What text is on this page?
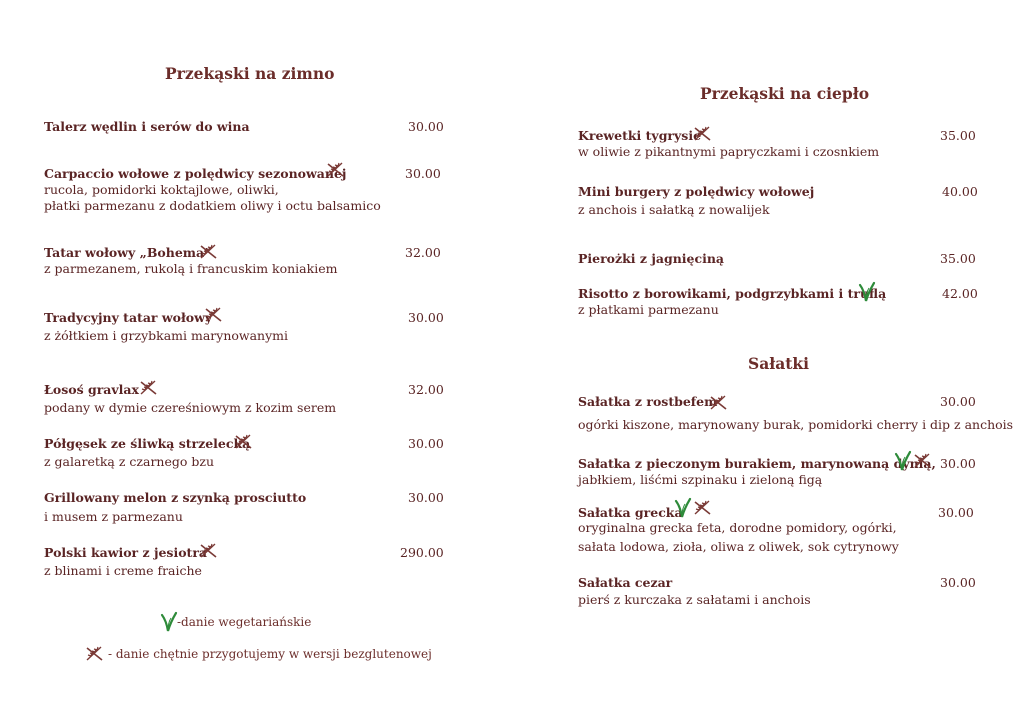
Przekąski na zimno
Talerz wędlin i serów do wina	30.00
Carpaccio wołowe z polędwicy sezonowanej	30.00
rucola, pomidorki koktajlowe, oliwki,
płatki parmezanu z dodatkiem oliwy i octu balsamico
Tatar wołowy „Bohema”	32.00
z parmezanem, rukolą i francuskim koniakiem
Tradycyjny tatar wołowy	30.00
z żółtkiem i grzybkami marynowanymi
Łosoś gravlax	32.00
podany w dymie czereśniowym z kozim serem
Półgęsek ze śliwką strzelecką	30.00
z galaretką z czarnego bzu
Grillowany melon z szynką prosciutto	30.00
i musem z parmezanu
Polski kawior z jesiotra	290.00
z blinami i creme fraiche
-danie wegetariańskie
- danie chętnie przygotujemy w wersji bezglutenowej
Przekąski na ciepło
Krewetki tygrysie	35.00
w oliwie z pikantnymi papryczkami i czosnkiem
Mini burgery z polędwicy wołowej	40.00
z anchois i sałatką z nowalijek
Pierożki z jagnięciną	35.00
Risotto z borowikami, podgrzybkami i truflą	42.00
z płatkami parmezanu
Sałatki
Sałatka z rostbefem	30.00
ogórki kiszone, marynowany burak, pomidorki cherry i dip z anchois
Sałatka z pieczonym burakiem, marynowaną dynią, 30.00
jabłkiem, liśćmi szpinaku i zieloną figą
Sałatka grecka	30.00
oryginalna grecka feta, dorodne pomidory, ogórki,
sałata lodowa, zioła, oliwa z oliwek, sok cytrynowy
Sałatka cezar	30.00
pierś z kurczaka z sałatami i anchois
